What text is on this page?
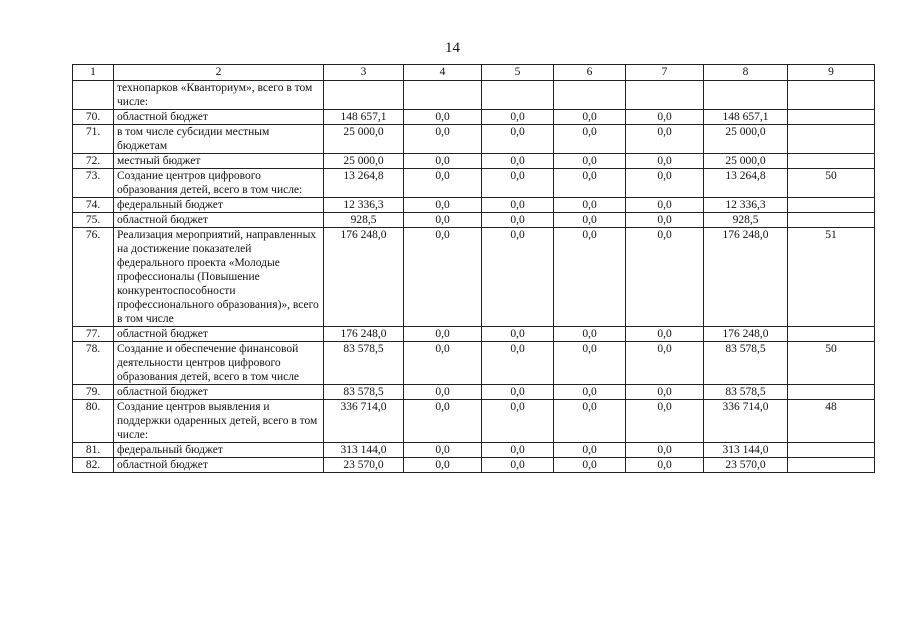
14
1	2	3	4	5	6	7	8	9
	технопарков «Кванториум», всего в том числе:							
70.	областной бюджет	148 657,1	0,0	0,0	0,0	0,0	148 657,1	
71.	в том числе субсидии местным бюджетам	25 000,0	0,0	0,0	0,0	0,0	25 000,0	
72.	местный бюджет	25 000,0	0,0	0,0	0,0	0,0	25 000,0	
73.	Создание центров цифрового образования детей, всего в том числе:	13 264,8	0,0	0,0	0,0	0,0	13 264,8	50
74.	федеральный бюджет	12 336,3	0,0	0,0	0,0	0,0	12 336,3	
75.	областной бюджет	928,5	0,0	0,0	0,0	0,0	928,5	
76.	Реализация мероприятий, направленных на достижение показателей федерального проекта «Молодые профессионалы (Повышение конкурентоспособности профессионального образования)», всего в том числе	176 248,0	0,0	0,0	0,0	0,0	176 248,0	51
77.	областной бюджет	176 248,0	0,0	0,0	0,0	0,0	176 248,0	
78.	Создание и обеспечение финансовой деятельности центров цифрового образования детей, всего в том числе	83 578,5	0,0	0,0	0,0	0,0	83 578,5	50
79.	областной бюджет	83 578,5	0,0	0,0	0,0	0,0	83 578,5	
80.	Создание центров выявления и поддержки одаренных детей, всего в том числе:	336 714,0	0,0	0,0	0,0	0,0	336 714,0	48
81.	федеральный бюджет	313 144,0	0,0	0,0	0,0	0,0	313 144,0	
82.	областной бюджет	23 570,0	0,0	0,0	0,0	0,0	23 570,0	
